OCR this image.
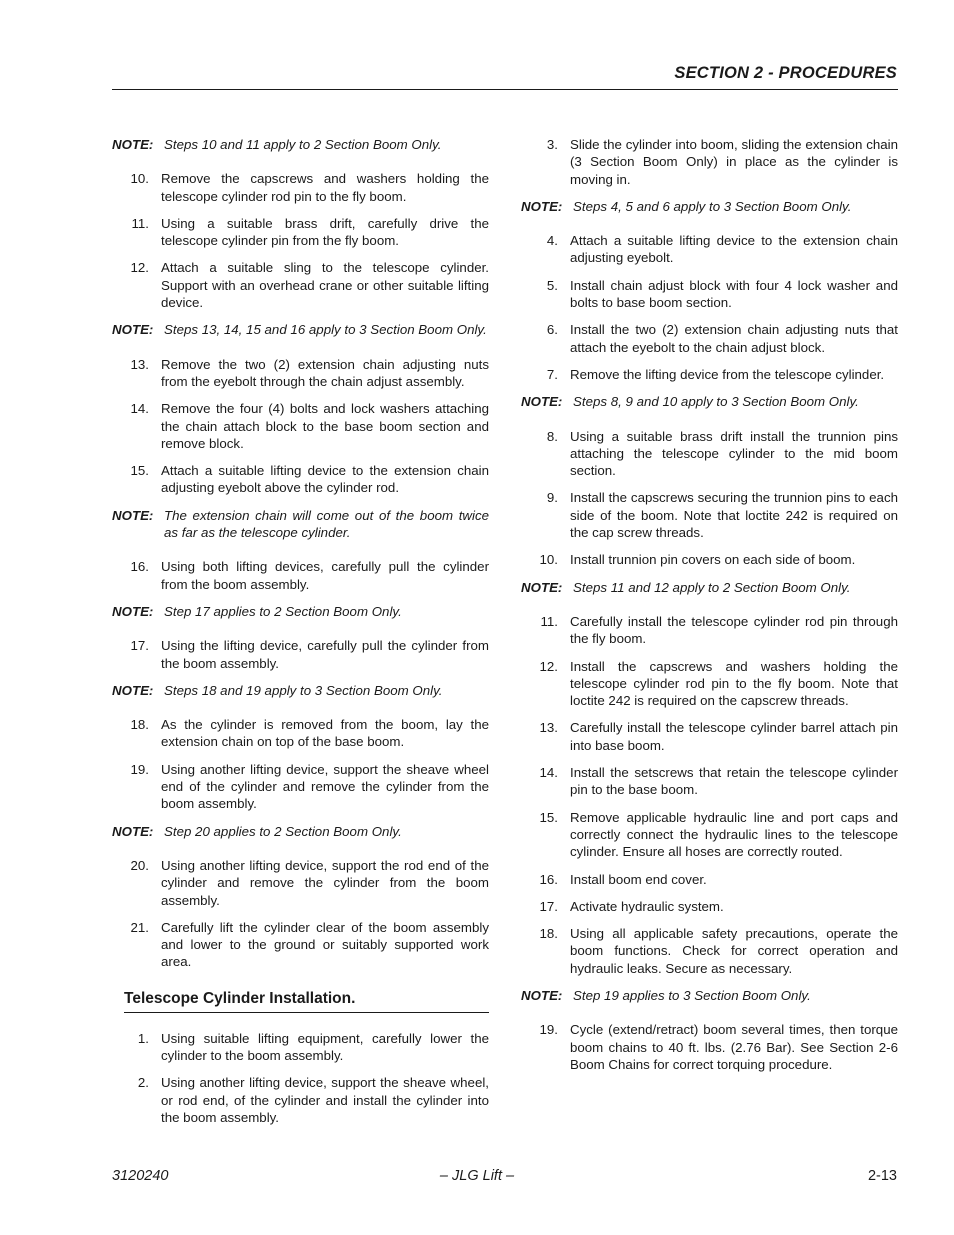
SECTION 2 - PROCEDURES
NOTE: Steps 10 and 11 apply to 2 Section Boom Only.
10. Remove the capscrews and washers holding the telescope cylinder rod pin to the fly boom.
11. Using a suitable brass drift, carefully drive the telescope cylinder pin from the fly boom.
12. Attach a suitable sling to the telescope cylinder. Support with an overhead crane or other suitable lifting device.
NOTE: Steps 13, 14, 15 and 16 apply to 3 Section Boom Only.
13. Remove the two (2) extension chain adjusting nuts from the eyebolt through the chain adjust assembly.
14. Remove the four (4) bolts and lock washers attaching the chain attach block to the base boom section and remove block.
15. Attach a suitable lifting device to the extension chain adjusting eyebolt above the cylinder rod.
NOTE: The extension chain will come out of the boom twice as far as the telescope cylinder.
16. Using both lifting devices, carefully pull the cylinder from the boom assembly.
NOTE: Step 17 applies to 2 Section Boom Only.
17. Using the lifting device, carefully pull the cylinder from the boom assembly.
NOTE: Steps 18 and 19 apply to 3 Section Boom Only.
18. As the cylinder is removed from the boom, lay the extension chain on top of the base boom.
19. Using another lifting device, support the sheave wheel end of the cylinder and remove the cylinder from the boom assembly.
NOTE: Step 20 applies to 2 Section Boom Only.
20. Using another lifting device, support the rod end of the cylinder and remove the cylinder from the boom assembly.
21. Carefully lift the cylinder clear of the boom assembly and lower to the ground or suitably supported work area.
Telescope Cylinder Installation.
1. Using suitable lifting equipment, carefully lower the cylinder to the boom assembly.
2. Using another lifting device, support the sheave wheel, or rod end, of the cylinder and install the cylinder into the boom assembly.
3. Slide the cylinder into boom, sliding the extension chain (3 Section Boom Only) in place as the cylinder is moving in.
NOTE: Steps 4, 5 and 6 apply to 3 Section Boom Only.
4. Attach a suitable lifting device to the extension chain adjusting eyebolt.
5. Install chain adjust block with four 4 lock washer and bolts to base boom section.
6. Install the two (2) extension chain adjusting nuts that attach the eyebolt to the chain adjust block.
7. Remove the lifting device from the telescope cylinder.
NOTE: Steps 8, 9 and 10 apply to 3 Section Boom Only.
8. Using a suitable brass drift install the trunnion pins attaching the telescope cylinder to the mid boom section.
9. Install the capscrews securing the trunnion pins to each side of the boom. Note that loctite 242 is required on the cap screw threads.
10. Install trunnion pin covers on each side of boom.
NOTE: Steps 11 and 12 apply to 2 Section Boom Only.
11. Carefully install the telescope cylinder rod pin through the fly boom.
12. Install the capscrews and washers holding the telescope cylinder rod pin to the fly boom. Note that loctite 242 is required on the capscrew threads.
13. Carefully install the telescope cylinder barrel attach pin into base boom.
14. Install the setscrews that retain the telescope cylinder pin to the base boom.
15. Remove applicable hydraulic line and port caps and correctly connect the hydraulic lines to the telescope cylinder. Ensure all hoses are correctly routed.
16. Install boom end cover.
17. Activate hydraulic system.
18. Using all applicable safety precautions, operate the boom functions. Check for correct operation and hydraulic leaks. Secure as necessary.
NOTE: Step 19 applies to 3 Section Boom Only.
19. Cycle (extend/retract) boom several times, then torque boom chains to 40 ft. lbs. (2.76 Bar). See Section 2-6 Boom Chains for correct torquing procedure.
3120240	– JLG Lift –	2-13
